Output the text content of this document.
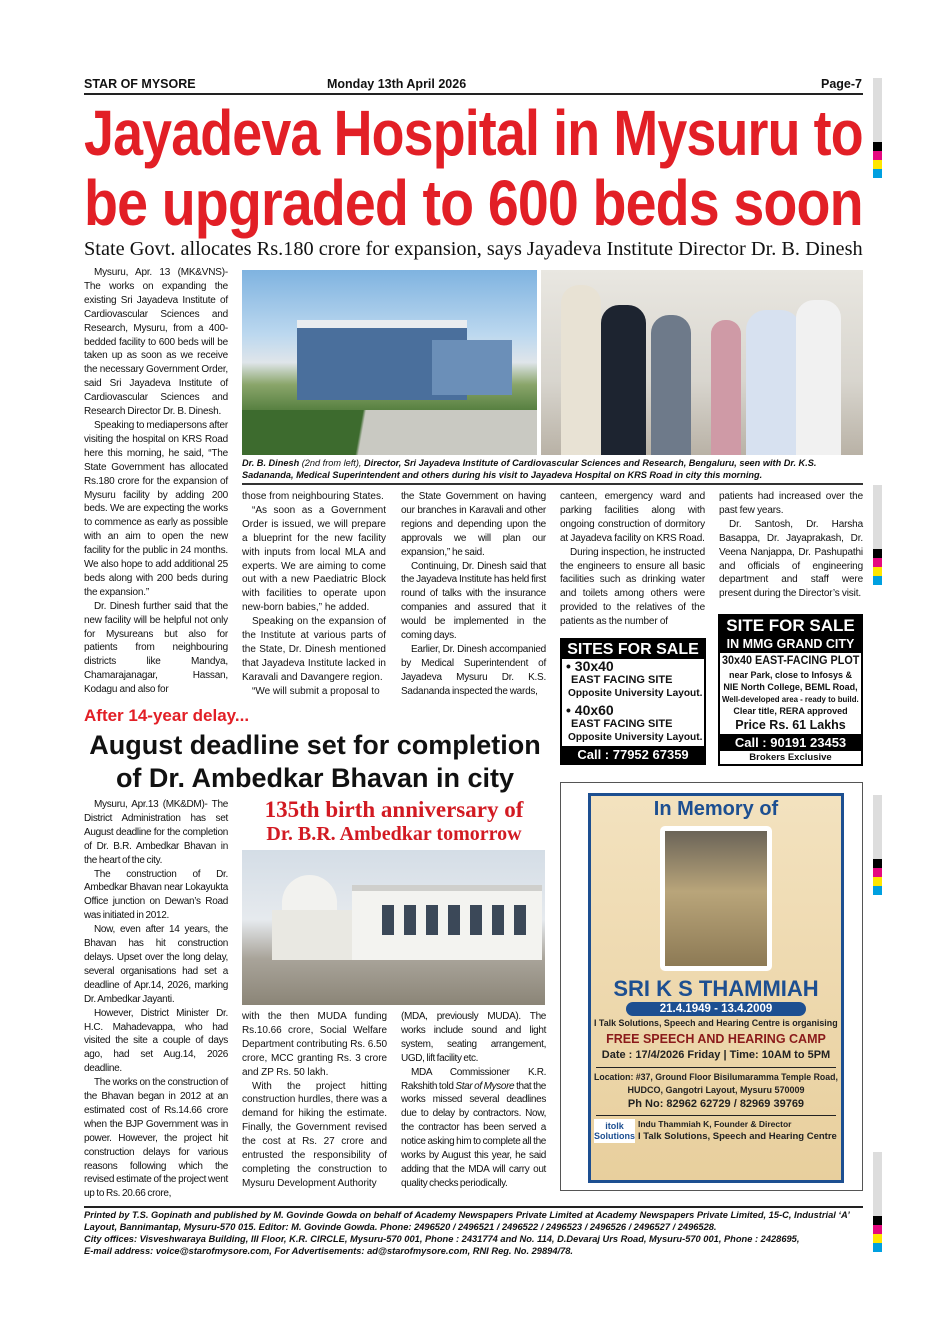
STAR OF MYSORE	Monday 13th April 2026	Page-7
Jayadeva Hospital in Mysuru to
be upgraded to 600 beds soon
State Govt. allocates Rs.180 crore for expansion, says Jayadeva Institute Director Dr. B. Dinesh

Mysuru, Apr. 13 (MK&VNS)- The works on expanding the existing Sri Jayadeva Institute of Cardiovascular Sciences and Research, Mysuru, from a 400-bedded facility to 600 beds will be taken up as soon as we receive the necessary Government Order, said Sri Jayadeva Institute of Cardiovascular Sciences and Research Director Dr. B. Dinesh.

Speaking to mediapersons after visiting the hospital on KRS Road here this morning, he said, “The State Government has allocated Rs.180 crore for the expansion of Mysuru facility by adding 200 beds. We are expecting the works to commence as early as possible with an aim to open the new facility for the public in 24 months. We also hope to add additional 25 beds along with 200 beds during the expansion.”

Dr. Dinesh further said that the new facility will be helpful not only for Mysureans but also for patients from neighbouring districts like Mandya, Chamarajanagar, Hassan, Kodagu and also for

Dr. B. Dinesh (2nd from left), Director, Sri Jayadeva Institute of Cardiovascular Sciences and Research, Bengaluru, seen with Dr. K.S. Sadananda, Medical Superintendent and others during his visit to Jayadeva Hospital on KRS Road in city this morning.

those from neighbouring States.

“As soon as a Government Order is issued, we will prepare a blueprint for the new facility with inputs from local MLA and experts. We are aiming to come out with a new Paediatric Block with facilities to operate upon new-born babies,” he added.

Speaking on the expansion of the Institute at various parts of the State, Dr. Dinesh mentioned that Jayadeva Institute lacked in Karavali and Davangere region.

“We will submit a proposal to

the State Government on having our branches in Karavali and other regions and depending upon the approvals we will plan our expansion,” he said.

Continuing, Dr. Dinesh said that the Jayadeva Institute has held first round of talks with the insurance companies and assured that it would be implemented in the coming days.

Earlier, Dr. Dinesh accompanied by Medical Superintendent of Jayadeva Mysuru Dr. K.S. Sadananda inspected the wards,

canteen, emergency ward and parking facilities along with ongoing construction of dormitory at Jayadeva facility on KRS Road.

During inspection, he instructed the engineers to ensure all basic facilities such as drinking water and toilets among others were provided to the relatives of the patients as the number of

patients had increased over the past few years.

Dr. Santosh, Dr. Harsha Basappa, Dr. Jayaprakash, Dr. Veena Nanjappa, Dr. Pashupathi and officials of engineering department and staff were present during the Director’s visit.

SITES FOR SALE
• 30x40
EAST FACING SITE
Opposite University Layout.
• 40x60
EAST FACING SITE
Opposite University Layout.
Call : 77952 67359
SITE FOR SALE
IN MMG GRAND CITY
30x40 EAST-FACING PLOT
near Park, close to Infosys &
NIE North College, BEML Road,
Well-developed area - ready to build.
Clear title, RERA approved
Price Rs. 61 Lakhs
Call : 90191 23453
Brokers Exclusive
After 14-year delay...
August deadline set for completion
of Dr. Ambedkar Bhavan in city

Mysuru, Apr.13 (MK&DM)- The District Administration has set August deadline for the completion of Dr. B.R. Ambedkar Bhavan in the heart of the city.

The construction of Dr. Ambedkar Bhavan near Lokayukta Office junction on Dewan’s Road was initiated in 2012.

Now, even after 14 years, the Bhavan has hit construction delays. Upset over the long delay, several organisations had set a deadline of Apr.14, 2026, marking Dr. Ambedkar Jayanti.

However, District Minister Dr. H.C. Mahadevappa, who had visited the site a couple of days ago, had set Aug.14, 2026 deadline.

The works on the construction of the Bhavan began in 2012 at an estimated cost of Rs.14.66 crore when the BJP Government was in power. However, the project hit construction delays for various reasons following which the revised estimate of the project went up to Rs. 20.66 crore,

135th birth anniversary of
Dr. B.R. Ambedkar tomorrow

with the then MUDA funding Rs.10.66 crore, Social Welfare Department contributing Rs. 6.50 crore, MCC granting Rs. 3 crore and ZP Rs. 50 lakh.

With the project hitting construction hurdles, there was a demand for hiking the estimate. Finally, the Government revised the cost at Rs. 27 crore and entrusted the responsibility of completing the construction to Mysuru Development Authority

(MDA, previously MUDA). The works include sound and light system, seating arrangement, UGD, lift facility etc.

MDA Commissioner K.R. Rakshith told Star of Mysore that the works missed several deadlines due to delay by contractors. Now, the contractor has been served a notice asking him to complete all the works by August this year, he said adding that the MDA will carry out quality checks periodically.

In Memory of
SRI K S THAMMIAH
21.4.1949 - 13.4.2009
I Talk Solutions, Speech and Hearing Centre is organising
FREE SPEECH AND HEARING CAMP
Date : 17/4/2026 Friday | Time: 10AM to 5PM
Location: #37, Ground Floor Bisilumaramma Temple Road,
HUDCO, Gangotri Layout, Mysuru 570009
Ph No: 82962 62729 / 82969 39769
itolk Solutions
Indu Thammiah K, Founder & Director
I Talk Solutions, Speech and Hearing Centre
Printed by T.S. Gopinath and published by M. Govinde Gowda on behalf of Academy Newspapers Private Limited at Academy Newspapers Private Limited, 15-C, Industrial ‘A’ Layout, Bannimantap, Mysuru-570 015. Editor: M. Govinde Gowda. Phone: 2496520 / 2496521 / 2496522 / 2496523 / 2496526 / 2496527 / 2496528.
City offices: Visveshwaraya Building, III Floor, K.R. CIRCLE, Mysuru-570 001, Phone : 2431774 and No. 114, D.Devaraj Urs Road, Mysuru-570 001, Phone : 2428695,
E-mail address: voice@starofmysore.com, For Advertisements: ad@starofmysore.com, RNI Reg. No. 29894/78.
